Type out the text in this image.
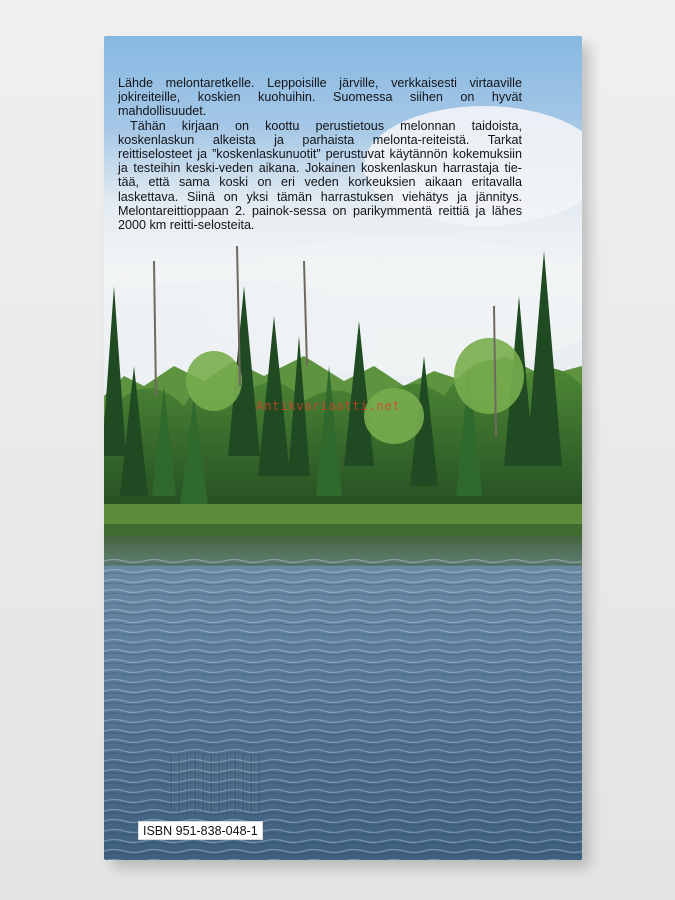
Lähde melontaretkelle. Leppoisille järville, verkkaisesti virtaaville jokireiteille, koskien kuohuihin. Suomessa siihen on hyvät mahdollisuudet.

Tähän kirjaan on koottu perustietous melonnan taidoista, koskenlaskun alkeista ja parhaista melonta-reiteistä. Tarkat reittiselosteet ja ”koskenlaskunuotit” perustuvat käytännön kokemuksiin ja testeihin keski-veden aikana. Jokainen koskenlaskun harrastaja tie-tää, että sama koski on eri veden korkeuksien aikaan eritavalla laskettava. Siinä on yksi tämän harrastuksen viehätys ja jännitys. Melontareittioppaan 2. painok-sessa on parikymmentä reittiä ja lähes 2000 km reitti-selosteita.

Antikvariaatti.net
ISBN 951-838-048-1
